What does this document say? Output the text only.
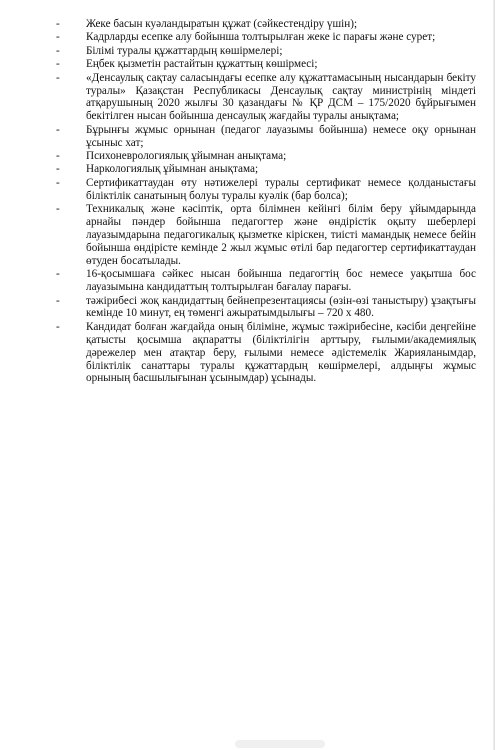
-	Жеке басын куәландыратын құжат (сәйкестендіру үшін);
-	Кадрларды есепке алу бойынша толтырылған жеке іс парағы және сурет;
-	Білімі туралы құжаттардың көшірмелері;
-	Еңбек қызметін растайтын құжаттың көшірмесі;
-	«Денсаулық сақтау саласындағы есепке алу құжаттамасының нысандарын бекіту туралы» Қазақстан Республикасы Денсаулық сақтау министрінің міндеті атқарушының 2020 жылғы 30 қазандағы № ҚР ДСМ – 175/2020 бұйрығымен бекітілген нысан бойынша денсаулық жағдайы туралы анықтама;
-	Бұрынғы жұмыс орнынан (педагог лауазымы бойынша) немесе оқу орнынан ұсыныс хат;
-	Психоневрологиялық ұйымнан анықтама;
-	Наркологиялық ұйымнан анықтама;
-	Сертификаттаудан өту нәтижелері туралы сертификат немесе қолданыстағы біліктілік санатының болуы туралы куәлік (бар болса);
-	Техникалық және кәсіптік, орта білімнен кейінгі білім беру ұйымдарында арнайы пәндер бойынша педагогтер және өндірістік оқыту шеберлері лауазымдарына педагогикалық қызметке кіріскен, тиісті мамандық немесе бейін бойынша өндірісте кемінде 2 жыл жұмыс өтілі бар педагогтер сертификаттаудан өтуден босатылады.
-	16-қосымшаға сәйкес нысан бойынша педагогтің бос немесе уақытша бос лауазымына кандидаттың толтырылған бағалау парағы.
-	тәжірибесі жоқ кандидаттың бейнепрезентациясы (өзін-өзі таныстыру) ұзақтығы кемінде 10 минут, ең төменгі ажыратымдылығы – 720 x 480.
-	Кандидат болған жағдайда оның біліміне, жұмыс тәжірибесіне, кәсіби деңгейіне қатысты қосымша ақпаратты (біліктілігін арттыру, ғылыми/академиялық дәрежелер мен атақтар беру, ғылыми немесе әдістемелік Жарияланымдар, біліктілік санаттары туралы құжаттардың көшірмелері, алдыңғы жұмыс орнының басшылығынан ұсынымдар) ұсынады.
